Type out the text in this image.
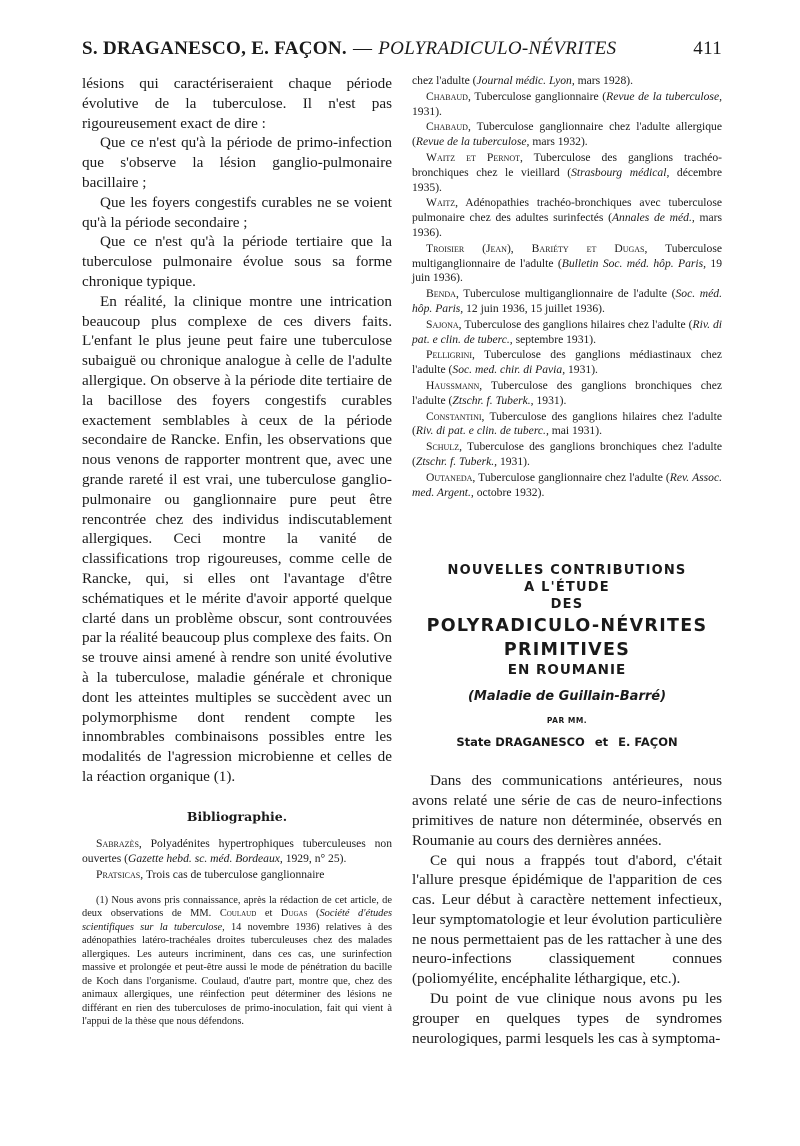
S. DRAGANESCO, E. FAÇON. — POLYRADICULO-NÉVRITES	411

lésions qui caractériseraient chaque période évolutive de la tuberculose. Il n'est pas rigoureusement exact de dire :

Que ce n'est qu'à la période de primo-infection que s'observe la lésion ganglio-pulmonaire bacillaire ;

Que les foyers congestifs curables ne se voient qu'à la période secondaire ;

Que ce n'est qu'à la période tertiaire que la tuberculose pulmonaire évolue sous sa forme chronique typique.

En réalité, la clinique montre une intrication beaucoup plus complexe de ces divers faits. L'enfant le plus jeune peut faire une tuberculose subaiguë ou chronique analogue à celle de l'adulte allergique. On observe à la période dite tertiaire de la bacillose des foyers congestifs curables exactement semblables à ceux de la période secondaire de Rancke. Enfin, les observations que nous venons de rapporter montrent que, avec une grande rareté il est vrai, une tuberculose ganglio-pulmonaire ou ganglionnaire pure peut être rencontrée chez des individus indiscutablement allergiques. Ceci montre la vanité de classifications trop rigoureuses, comme celle de Rancke, qui, si elles ont l'avantage d'être schématiques et le mérite d'avoir apporté quelque clarté dans un problème obscur, sont controuvées par la réalité beaucoup plus complexe des faits. On se trouve ainsi amené à rendre son unité évolutive à la tuberculose, maladie générale et chronique dont les atteintes multiples se succèdent avec un polymorphisme dont rendent compte les innombrables combinaisons possibles entre les modalités de l'agression microbienne et celles de la réaction organique (1).

Bibliographie.
Sabrazès, Polyadénites hypertrophiques tuberculeuses non ouvertes (Gazette hebd. sc. méd. Bordeaux, 1929, n° 25).
Pratsicas, Trois cas de tuberculose ganglionnaire
(1) Nous avons pris connaissance, après la rédaction de cet article, de deux observations de MM. Coulaud et Dugas (Société d'études scientifiques sur la tuberculose, 14 novembre 1936) relatives à des adénopathies latéro-trachéales droites tuberculeuses chez des malades allergiques. Les auteurs incriminent, dans ces cas, une surinfection massive et prolongée et peut-être aussi le mode de pénétration du bacille de Koch dans l'organisme. Coulaud, d'autre part, montre que, chez des animaux allergiques, une réinfection peut déterminer des lésions ne différant en rien des tuberculoses de primo-inoculation, fait qui vient à l'appui de la thèse que nous défendons.
chez l'adulte (Journal médic. Lyon, mars 1928).
Chabaud, Tuberculose ganglionnaire (Revue de la tuberculose, 1931).
Chabaud, Tuberculose ganglionnaire chez l'adulte allergique (Revue de la tuberculose, mars 1932).
Waitz et Pernot, Tuberculose des ganglions trachéo-bronchiques chez le vieillard (Strasbourg médical, décembre 1935).
Waitz, Adénopathies trachéo-bronchiques avec tuberculose pulmonaire chez des adultes surinfectés (Annales de méd., mars 1936).
Troisier (Jean), Bariéty et Dugas, Tuberculose multiganglionnaire de l'adulte (Bulletin Soc. méd. hôp. Paris, 19 juin 1936).
Benda, Tuberculose multiganglionnaire de l'adulte (Soc. méd. hôp. Paris, 12 juin 1936, 15 juillet 1936).
Sajona, Tuberculose des ganglions hilaires chez l'adulte (Riv. di pat. e clin. de tuberc., septembre 1931).
Pelligrini, Tuberculose des ganglions médiastinaux chez l'adulte (Soc. med. chir. di Pavia, 1931).
Haussmann, Tuberculose des ganglions bronchiques chez l'adulte (Ztschr. f. Tuberk., 1931).
Constantini, Tuberculose des ganglions hilaires chez l'adulte (Riv. di pat. e clin. de tuberc., mai 1931).
Schulz, Tuberculose des ganglions bronchiques chez l'adulte (Ztschr. f. Tuberk., 1931).
Outaneda, Tuberculose ganglionnaire chez l'adulte (Rev. Assoc. med. Argent., octobre 1932).
NOUVELLES CONTRIBUTIONS
A L'ÉTUDE
DES
POLYRADICULO-NÉVRITES
PRIMITIVES
EN ROUMANIE
(Maladie de Guillain-Barré)
PAR MM.
State DRAGANESCO et E. FAÇON

Dans des communications antérieures, nous avons relaté une série de cas de neuro-infections primitives de nature non déterminée, observés en Roumanie au cours des dernières années.

Ce qui nous a frappés tout d'abord, c'était l'allure presque épidémique de l'apparition de ces cas. Leur début à caractère nettement infectieux, leur symptomatologie et leur évolution particulière ne nous permettaient pas de les rattacher à une des neuro-infections classiquement connues (poliomyélite, encéphalite léthargique, etc.).

Du point de vue clinique nous avons pu les grouper en quelques types de syndromes neurologiques, parmi lesquels les cas à symptoma-
